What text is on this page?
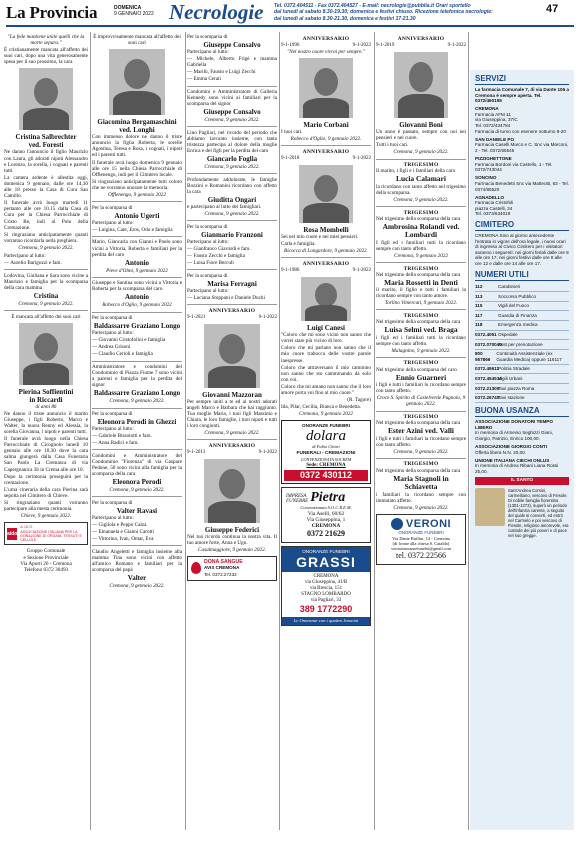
La Provincia	DOMENICA
9 GENNAIO 2022 Necrologie Tel. 0372.404511 - Fax 0372.404527 - E-mail: necrologie@pubblia.it Orari sportello
dal lunedì al sabato 8.30-19.30; domenica e festivi chiuso. Ricezione telefonica necrologie:
dal lunedì al sabato 8.30-21.30, domenica e festivi 17-21.30
47
"La fede mantiene unite quelli che la morte separa."
È cristianamente mancata all'affetto dei suoi cari, dopo una vita generosamente spesa per il suo prossimo, la cara
Cristina Salbrechter
ved. Foresti
Ne danno l'annuncio il figlio Maurizio con Laura, gli adorati nipoti Alessandro e Lorenzo, la sorella, i cognati e parenti tutti.
La camera ardente è allestita oggi, domenica 9 gennaio, dalle ore 14,30 alle 18 presso la Casa di Cura San Camillo.
Il funerale avrà luogo martedì 11 pertanto alle ore 10.15 dalla Casa di Cura per la Chiesa Parrocchiale di Cristo Re, indi al Polo della Cremazione.
Si ringraziano anticipatamente quanti vorranno ricordarla nella preghiera.
Cremona, 9 gennaio 2022.
Partecipano al lutto:
— Aurelio Barigozzi e fam.
Lodovina, Giuliana e Sara sono vicine a Maurizio e famiglia per la scomparsa della cara mamma
Cristina
Cremona, 9 gennaio 2022.
È mancata all'affetto dei suoi cari
Pierina Soffientini
in Riccardi
di anni 86
Ne danno il triste annuncio il marito Giuseppe, i figli Roberto, Marco e Walter, la nuora Renny ed Alessia, la sorella Giovanna, i nipoti e parenti tutti.
Il funerale avrà luogo nella Chiesa Parrocchiale di Cicognolo lunedì 10 gennaio alle ore 10,30 dove la cara salma giungerà dalla Casa Funeraria San Paolo La Cremasca di via Capergnanica 3b in Crema alle ore 10.
Dopo la cerimonia proseguirà per la cremazione.
L'urna cineraria della cara Pierina sarà sepolta nel Cimitero di Chieve.
Si ringraziano quanti vorranno partecipare alla mesta cerimonia.
Chieve, 9 gennaio 2022.
aido
A.I.D.O.
ASSOCIAZIONE ITALIANA PER LA DONAZIONE DI ORGANI, TESSUTI E CELLULE
Gruppo Comunale
e Sezione Provinciale
Via Aporti 26 - Cremona
Telefono 0372 30493
È improvvisamente mancata all'affetto dei suoi cari
Giacomina Bergamaschini
ved. Longhi
Con immenso dolore ne danno il triste annuncio la figlia Roberta, le sorelle Agostina, Teresa e Rosa, i cognati, i nipoti ed i parenti tutti.
Il funerale avrà luogo domenica 9 gennaio alle ore 15 nella Chiesa Parrocchiale di Offlenengo, indi per il Cimitero locale.
Si ringraziano anticipatamente tutti coloro che ne vorranno onorare la memoria.
Offlenengo, 9 gennaio 2022
Per la scomparsa di
Antonio Ugerti
Partecipano al lutto:
— Luigina, Cate, Eros, Odo e famiglia
Mario, Giancarla con Gianni e Paolo sono vicini a Vittoria, Roberta e familiari per la perdita del caro
Antonio
Pieve d'Olmi, 9 gennaio 2022
Giuseppe e Santina sono vicini a Vittoria e Roberta per la scomparsa del caro
Antonio
Robecco d'Oglio, 9 gennaio 2022
Per la scomparsa di
Baldassarre Graziano Longo
Partecipano al lutto:
— Giovanni Cristofolini e famiglia
— Andrea Grisoni
— Claudio Cerioli e famiglia
Amministratore e condomini del Condominio di Piazza Fiume 7 sono vicini a parenti e famiglia per la perdita del signor
Baldassarre Graziano Longo
Cremona, 9 gennaio 2022.
Per la scomparsa di
Eleonora Perodi in Ghezzi
Partecipano al lutto:
— Gabriele Bissolotti e fam.
— Anna Radici e fam.
Condomini e Amministratore del Condominio "Fiorenza" di via Gaspare Pedone, 50 sono vicini alla famiglia per la scomparsa della cara
Eleonora Perodi
Cremona, 9 gennaio 2022.
Per la scomparsa di
Valter Ravasi
Partecipano al lutto:
— Gigliola e Peppo Calza
— Emanuela e Gianni Carotti
— Vittorina, Ivan, Omar, Eva
Claudio Angeletti e famiglia insieme alla mamma Tina sono vicini con affetto all'amico Romano e familiari per la scomparsa del papà
Valter
Cremona, 9 gennaio 2022.
Per la scomparsa di
Giuseppe Consalvo
Partecipano al lutto:
— Michele, Alberto Frigè e mamma Gabriella
— Marilù, Fausto e Luigi Zecchi
— Emma Cerati
Condomini e Amministratore di Galleria Kennedy sono vicini ai familiari per la scomparsa del signor
Giuseppe Consalvo
Cremona, 9 gennaio 2022.
Lino Pagliari, nel ricordo del periodo che abbiamo lavorato insieme, con tanta tristezza partecipa al dolore della moglie Enrica e del figli per la perdita del caro
Giancarlo Foglia
Cremona, 9 gennaio 2022.
Profondamente addolorate, le famiglie Bozzini e Romanini ricordano con affetto la cara
Giuditta Ongari
e partecipano al lutto dei famigliari.
Cremona, 9 gennaio 2022.
Per la scomparsa di
Gianmario Franzoni
Partecipano al lutto:
— Gianfranco Giavardi e fam.
— Fausto Zecchi e famiglia
— Luisa Fiore Berculi
Per la scomparsa di
Marisa Ferragni
Partecipano al lutto:
— Luciana Stoppani e Daniele Duchi
ANNIVERSARIO
9-1-2021	9-1-2022
Giovanni Mazzoran
Per sempre uniti a te ed ai nostri adorati angeli Marco e Barbara che hai raggiunto. Tua moglie Maria, i tuoi figli Massimo e Chiara, le loro famiglie, i tuoi nipoti e tutti i loro congiunti.
Cremona, 9 gennaio 2022.
ANNIVERSARIO
9-1-2013	9-1-2022
Giuseppe Federici
Nel tuo ricordo continua la nostra vita. Il tuo amore forte, Anna e Ugo.
Casalmaggiore, 9 gennaio 2022.
DONA SANGUE
AVIS CREMONA
Tel. 0372.27232
ANNIVERSARIO
9-1-1996	9-1-2022
"Nel nostro cuore vivrai per sempre."
Mario Corbani
I tuoi cari.
Robecco d'Oglio, 9 gennaio 2022.
ANNIVERSARIO
9-1-2018	9-1-2022
Rosa Mombelli
Sei nel mio cuore e nei miei pensieri.
Carla e famiglia.
Bicocca di Longardore, 9 gennaio 2022.
ANNIVERSARIO
9-1-1986	9-1-2022
Luigi Canesi
"Coloro che mi sono vicini non sanno che vorrei stare più vicino di loro.
Coloro che mi parlano non sanno che il mio cuore trabocca delle vostre parole inespresse.
Coloro che attraversano il mio cammino non sanno che sto camminando da solo con voi.
Coloro che mi amano non sanno che il loro amore porta voi fino al mio cuore."
(R. Tagore)
Ida, Pilar, Cecilia, Bianca e Benedetta.
Cremona, 9 gennaio 2022
ONORANZE FUNEBRI
dolara
di Fabio Chiari
FUNERALI - CREMAZIONI
CONVENZIONATA SOCREM
Sede: CREMONA
0372 430112
IMPRESA
FUNEBRE Pietra
Convenzionata S.O.C.R.E.M.
Via Aselli, 60/62
Via Giuseppina, 1
CREMONA
0372 21629
ONORANZE FUNEBRI
GRASSI
CREMONA
via Giuseppina, 41/B
via Brescia, 151
STAGNO LOMBARDO
via Pagliari, 33
389 1772290
Le Onoranze con i quattro leoncini
ANNIVERSARIO
9-1-2019	9-1-2022
Giovanni Boni
Un anno è passato, sempre con noi nei pensieri e nel cuore.
Tutti i tuoi cari.
Cremona, 9 gennaio 2022.
TRIGESIMO
Il marito, i figli e i familiari della cara
Lucia Calamari
la ricordano con tanto affetto nel trigesimo della scomparsa.
Cremona, 9 gennaio 2022.
TRIGESIMO
Nel trigesimo della scomparsa della cara
Ambrosina Rolandi ved. Lombardi
I figli ed i familiari tutti la ricordano sempre con tanto affetto.
Cremona, 9 gennaio 2022
TRIGESIMO
Nel trigesimo della scomparsa della cara
Maria Rossetti in Denti
il marito, il figlio e tutti i familiari la ricordano sempre con tanto amore.
Torlino Vimercati, 9 gennaio 2022.
TRIGESIMO
Nel trigesimo della scomparsa della cara
Luisa Selmi ved. Braga
i figli ed i familiari tutti la ricordano sempre con tanto affetto.
Malagnino, 9 gennaio 2022.
TRIGESIMO
Nel trigesimo della scomparsa del caro
Ennio Guarneri
i figli e tutti i familiari lo ricordano sempre con tanto affetto.
Croce S. Spirito di Castelverde Pugnolo, 9 gennaio 2022.
TRIGESIMO
Nel trigesimo della scomparsa della cara
Ester Azini ved. Valli
i figli e tutti i familiari la ricordano sempre con tanto affetto.
Cremona, 9 gennaio 2022.
TRIGESIMO
Nel trigesimo della scomparsa della cara
Maria Stagnoli in Schiavetta
i familiari la ricordano sempre con immutato affetto.
Cremona, 9 gennaio 2022.
VERONI
ONORANZE FUNEBRI
Via Dante Ruffini, 14 - Cremona
(di fronte alla chiesa S. Cataldo)
veronionoranzefunebri@gmail.com
tel. 0372.22566
SERVIZI
La farmacia Comunale 7, di via Dante 106 a Cremona è sempre aperta. Tel. 0372/460155
CREMONA
Farmacia AFM 11
via Giuseppina, 37/C
Tel. 0372/434784
Farmacia di turno con esenere notturno 8-20
SAN DANIELE PO
Farmacia Caselli Marco e C. Snc via Marconi, 2 - Tel. 0372/65545
PIZZIGHETTONE
Farmacia Bordoni via Castello, 1 - Tel. 0372/743044
SONCINO
Farmacia Benedetti Snc via Matteotti, 63 - Tel. 0374/85520
AGNADELLO
Farmacia Cristofoli
piazza Castelli, 34
Tel. 0373/634019
CIMITERO
CREMONA Sino al giorno antecedente l'entrata in vigore dell'ora legale, i nuovi orari di ingresso al Civico Cimitero per i visitatori saranno i seguenti: nei giorni feriali dalle ore 8 alle ore 17, nei giorni festivi dalle ore 8 alle ore 12 e dalle ore 14 alle ore 17.
NUMERI UTILI
112	Carabinieri
113	Soccorso Pubblico
115	Vigili del Fuoco
117	Guardia di Finanza
118	Emergenza medica
0372.4051 Ospedale
0372.070040
Asst per prenotazione
800 567866
Continuità Assistenziale (ex Guardia Medica) oppure 116117
0372.49611
Polizia Stradale
0372.454516
Vigili Urbani
0372.21300
Taxi piazza Roma
0372.26740
Taxi stazione
BUONA USANZA
ASSOCIAZIONE DONATORI TEMPO LIBERO
In memoria di Armenio Seghizzi Giani, Giorgio, Patrizio, Enrico 100,00.
ASSOCIAZIONE GIORGIO CONTI
Offerta libera N.N. 20,00.
UNIONE ITALIANA CIECHI ONLUS
In memoria di Andrea Ribani Liana Rossi 25,00.
IL SANTO
Sant'Andrea Corsini, carmelitano, vescovo di Fiesole. Di nobile famiglia fiorentina (1301-1373), superò un periodo dell'infanzia carente, a seguito del quale si convertì, ed entrò nel Carmelo e poi vescovo di Fiesole, religioso amorevole, era custode dei più poveri e di pace nel suo gregge.
